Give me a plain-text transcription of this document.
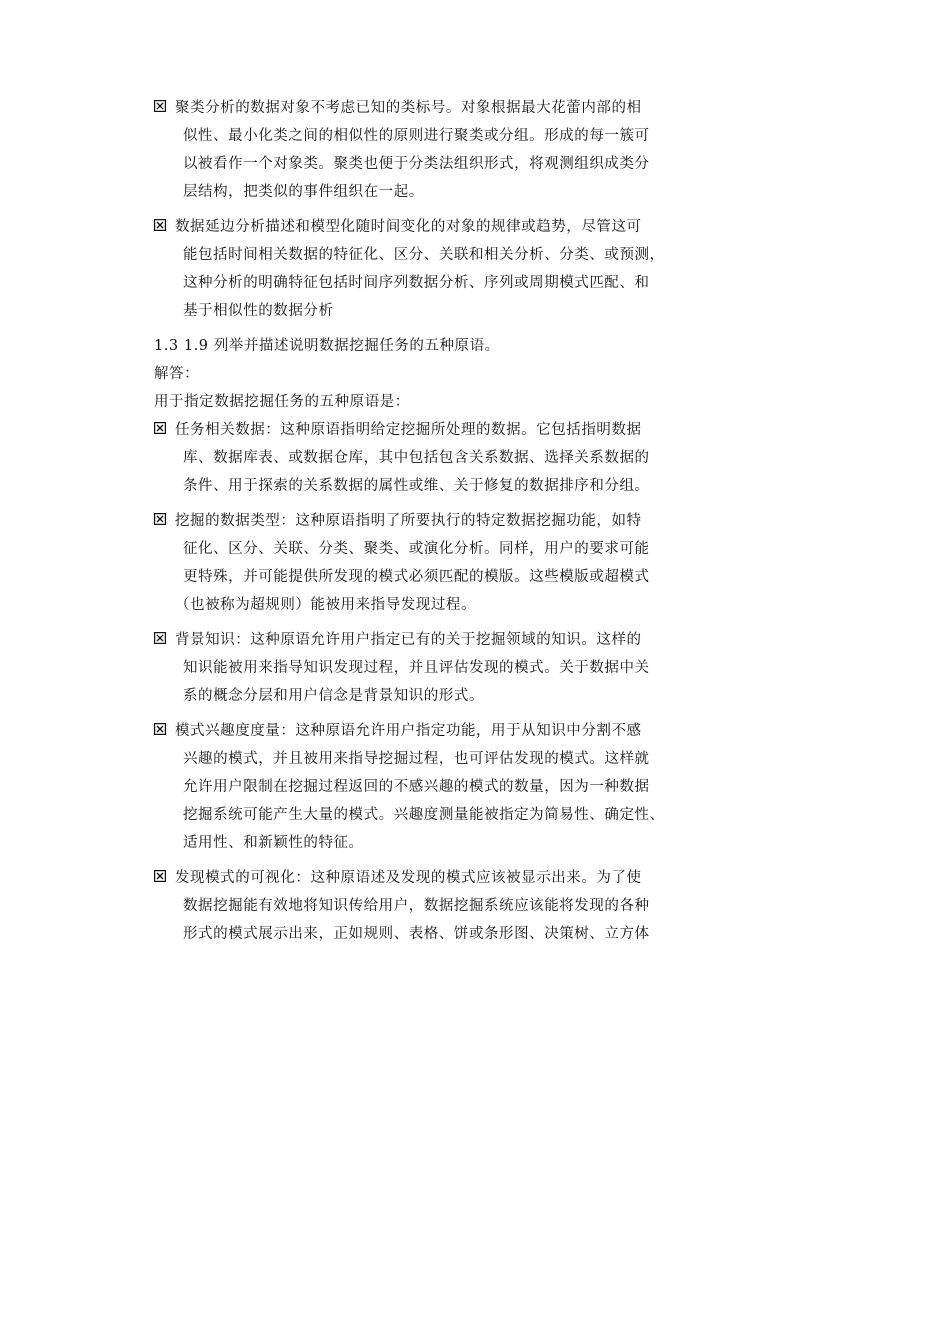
聚类分析的数据对象不考虑已知的类标号。对象根据最大花蕾内部的相
似性、最小化类之间的相似性的原则进行聚类或分组。形成的每一簇可
以被看作一个对象类。聚类也便于分类法组织形式，将观测组织成类分
层结构，把类似的事件组织在一起。
数据延边分析描述和模型化随时间变化的对象的规律或趋势，尽管这可
能包括时间相关数据的特征化、区分、关联和相关分析、分类、或预测，
这种分析的明确特征包括时间序列数据分析、序列或周期模式匹配、和
基于相似性的数据分析
1.3 1.9 列举并描述说明数据挖掘任务的五种原语。
解答：
用于指定数据挖掘任务的五种原语是：
任务相关数据：这种原语指明给定挖掘所处理的数据。它包括指明数据
库、数据库表、或数据仓库，其中包括包含关系数据、选择关系数据的
条件、用于探索的关系数据的属性或维、关于修复的数据排序和分组。
挖掘的数据类型：这种原语指明了所要执行的特定数据挖掘功能，如特
征化、区分、关联、分类、聚类、或演化分析。同样，用户的要求可能
更特殊，并可能提供所发现的模式必须匹配的模版。这些模版或超模式
（也被称为超规则）能被用来指导发现过程。
背景知识：这种原语允许用户指定已有的关于挖掘领域的知识。这样的
知识能被用来指导知识发现过程，并且评估发现的模式。关于数据中关
系的概念分层和用户信念是背景知识的形式。
模式兴趣度度量：这种原语允许用户指定功能，用于从知识中分割不感
兴趣的模式，并且被用来指导挖掘过程，也可评估发现的模式。这样就
允许用户限制在挖掘过程返回的不感兴趣的模式的数量，因为一种数据
挖掘系统可能产生大量的模式。兴趣度测量能被指定为简易性、确定性、
适用性、和新颖性的特征。
发现模式的可视化：这种原语述及发现的模式应该被显示出来。为了使
数据挖掘能有效地将知识传给用户，数据挖掘系统应该能将发现的各种
形式的模式展示出来，正如规则、表格、饼或条形图、决策树、立方体
